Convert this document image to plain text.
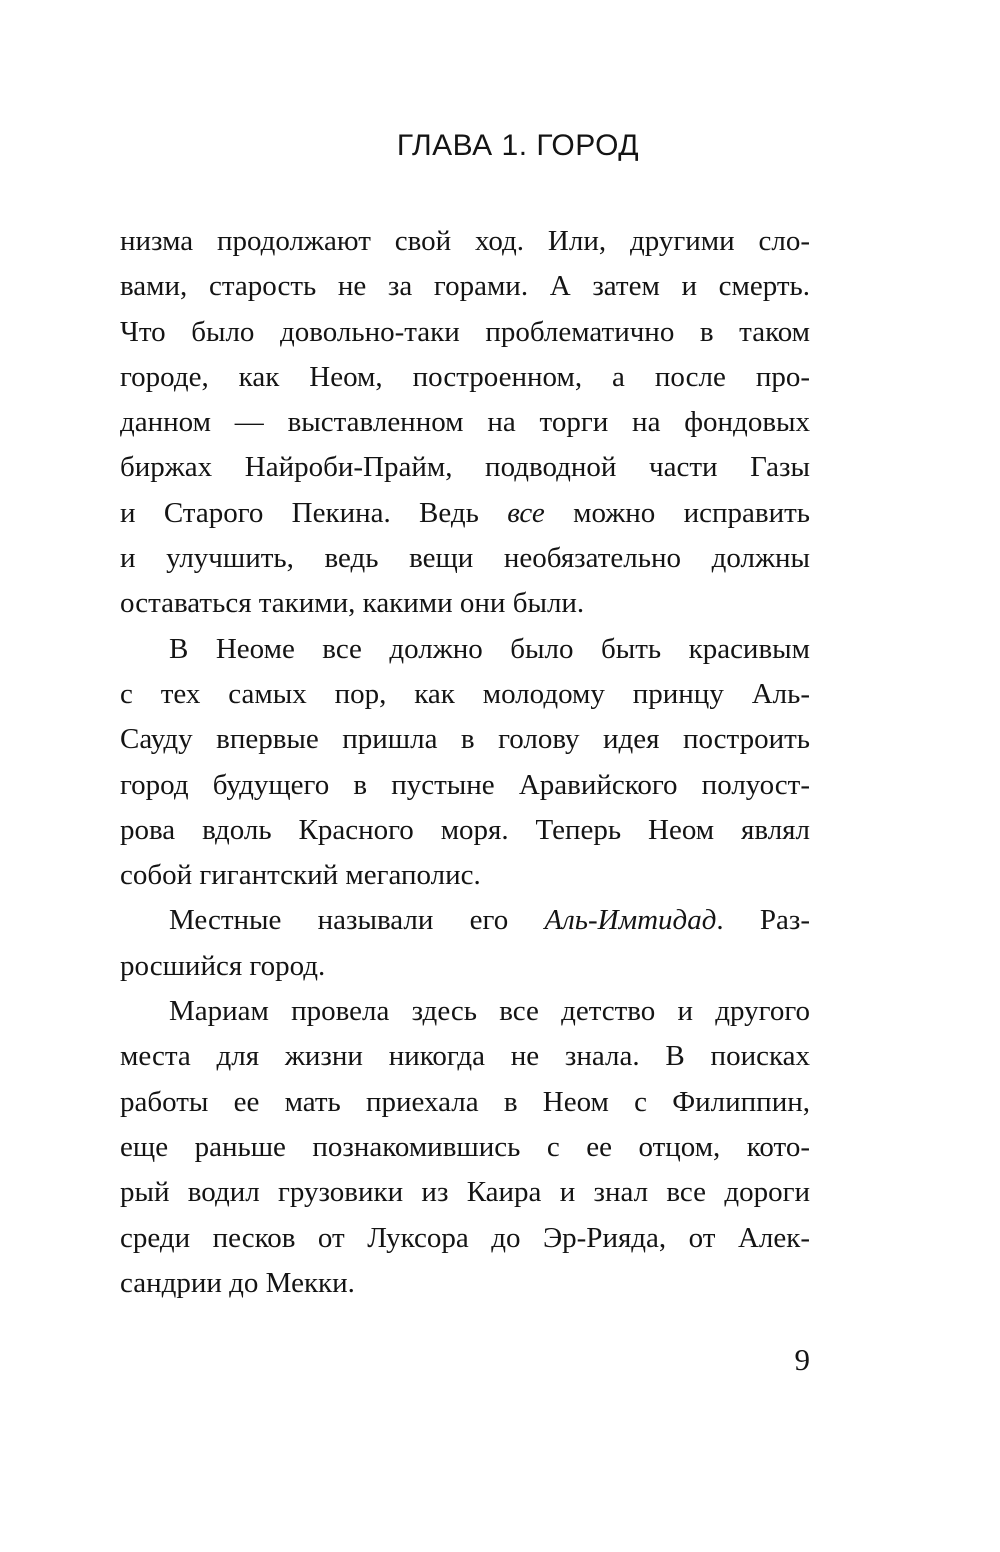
ГЛАВА 1. ГОРОД
низма продолжают свой ход. Или, другими сло-
вами, старость не за горами. А затем и смерть.
Что было довольно-таки проблематично в таком
городе, как Неом, построенном, а после про-
данном — выставленном на торги на фондовых
биржах Найроби-Прайм, подводной части Газы
и Старого Пекина. Ведь все можно исправить
и улучшить, ведь вещи необязательно должны
оставаться такими, какими они были.
В Неоме все должно было быть красивым
с тех самых пор, как молодому принцу Аль-
Сауду впервые пришла в голову идея построить
город будущего в пустыне Аравийского полуост-
рова вдоль Красного моря. Теперь Неом являл
собой гигантский мегаполис.
Местные называли его Аль-Имтидад. Раз-
росшийся город.
Мариам провела здесь все детство и другого
места для жизни никогда не знала. В поисках
работы ее мать приехала в Неом с Филиппин,
еще раньше познакомившись с ее отцом, кото-
рый водил грузовики из Каира и знал все дороги
среди песков от Луксора до Эр-Рияда, от Алек-
сандрии до Мекки.
9
